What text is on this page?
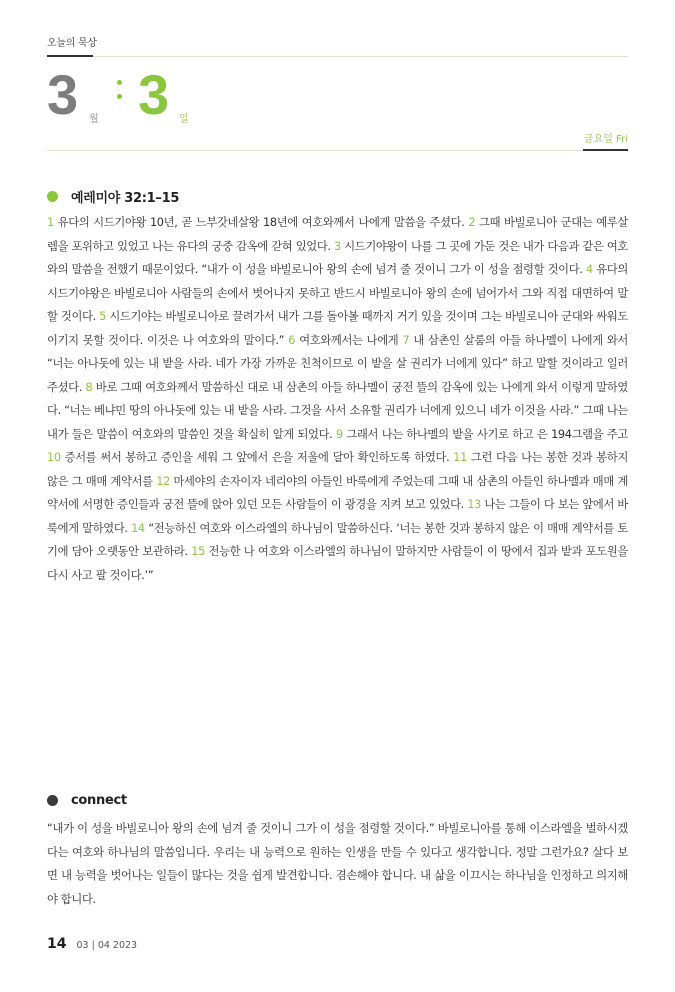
오늘의 묵상
3 월 3 일
금요일 Fri
예레미야 32:1–15
1 유다의 시드기야왕 10년, 곧 느부갓네살왕 18년에 여호와께서 나에게 말씀을 주셨다. 2 그때 바빌로니아 군대는 예루살렘을 포위하고 있었고 나는 유다의 궁중 감옥에 갇혀 있었다. 3 시드기야왕이 나를 그 곳에 가둔 것은 내가 다음과 같은 여호와의 말씀을 전했기 때문이었다. “내가 이 성을 바빌로니아 왕의 손에 넘겨 줄 것이니 그가 이 성을 점령할 것이다. 4 유다의 시드기야왕은 바빌로니아 사람들의 손에서 벗어나지 못하고 반드시 바빌로니아 왕의 손에 넘어가서 그와 직접 대면하여 말할 것이다. 5 시드기야는 바빌로니아로 끌려가서 내가 그를 돌아볼 때까지 거기 있을 것이며 그는 바빌로니아 군대와 싸워도 이기지 못할 것이다. 이것은 나 여호와의 말이다.” 6 여호와께서는 나에게 7 내 삼촌인 살룸의 아들 하나멜이 나에게 와서 “너는 아나돗에 있는 내 밭을 사라. 네가 가장 가까운 친척이므로 이 밭을 살 권리가 너에게 있다” 하고 말할 것이라고 일러 주셨다. 8 바로 그때 여호와께서 말씀하신 대로 내 삼촌의 아들 하나멜이 궁전 뜰의 감옥에 있는 나에게 와서 이렇게 말하였다. “너는 베냐민 땅의 아나돗에 있는 내 밭을 사라. 그것을 사서 소유할 권리가 너에게 있으니 네가 이것을 사라.” 그때 나는 내가 들은 말씀이 여호와의 말씀인 것을 확실히 알게 되었다. 9 그래서 나는 하나멜의 밭을 사기로 하고 은 194그램을 주고 10 증서를 써서 봉하고 증인을 세워 그 앞에서 은을 저울에 달아 확인하도록 하였다. 11 그런 다음 나는 봉한 것과 봉하지 않은 그 매매 계약서를 12 마세야의 손자이자 네리야의 아들인 바룩에게 주었는데 그때 내 삼촌의 아들인 하나멜과 매매 계약서에 서명한 증인들과 궁전 뜰에 앉아 있던 모든 사람들이 이 광경을 지켜 보고 있었다. 13 나는 그들이 다 보는 앞에서 바룩에게 말하였다. 14 “전능하신 여호와 이스라엘의 하나님이 말씀하신다. ‘너는 봉한 것과 봉하지 않은 이 매매 계약서를 토기에 담아 오랫동안 보관하라. 15 전능한 나 여호와 이스라엘의 하나님이 말하지만 사람들이 이 땅에서 집과 밭과 포도원을 다시 사고 팔 것이다.’”
connect
“내가 이 성을 바빌로니아 왕의 손에 넘겨 줄 것이니 그가 이 성을 점령할 것이다.” 바빌로니아를 통해 이스라엘을 벌하시겠다는 여호와 하나님의 말씀입니다. 우리는 내 능력으로 원하는 인생을 만들 수 있다고 생각합니다. 정말 그런가요? 살다 보면 내 능력을 벗어나는 일들이 많다는 것을 쉽게 발견합니다. 겸손해야 합니다. 내 삶을 이끄시는 하나님을 인정하고 의지해야 합니다.
14 03 | 04 2023
